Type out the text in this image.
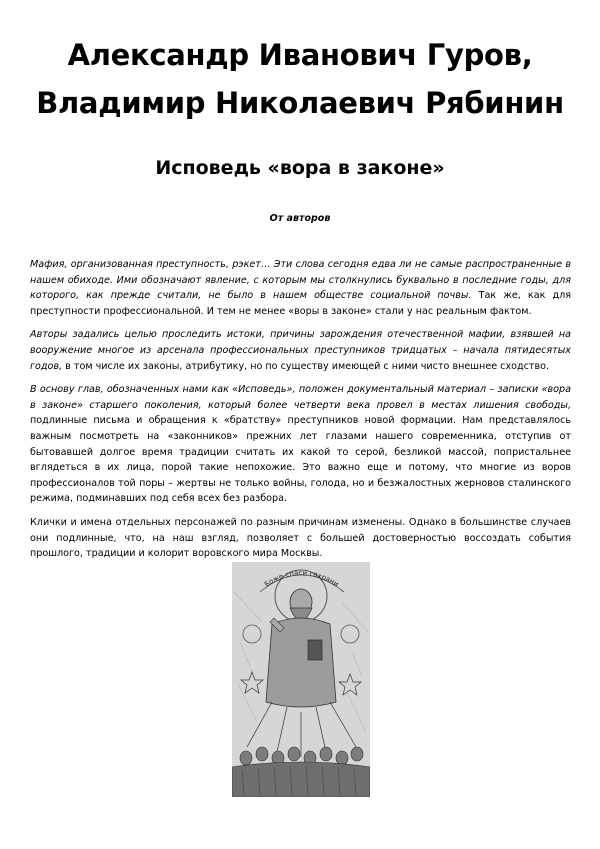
Александр Иванович Гуров,
Владимир Николаевич Рябинин
Исповедь «вора в законе»
От авторов

Мафия, организованная преступность, рэкет… Эти слова сегодня едва ли не самые распространенные в нашем обиходе. Ими обозначают явление, с которым мы столкнулись буквально в последние годы, для которого, как прежде считали, не было в нашем обществе социальной почвы. Так же, как для преступности профессиональной. И тем не менее «воры в законе» стали у нас реальным фактом.

Авторы задались целью проследить истоки, причины зарождения отечественной мафии, взявшей на вооружение многое из арсенала профессиональных преступников тридцатых – начала пятидесятых годов, в том числе их законы, атрибутику, но по существу имеющей с ними чисто внешнее сходство.

В основу глав, обозначенных нами как «Исповедь», положен документальный материал – записки «вора в законе» старшего поколения, который более четверти века провел в местах лишения свободы, подлинные письма и обращения к «братству» преступников новой формации. Нам представлялось важным посмотреть на «законников» прежних лет глазами нашего современника, отступив от бытовавшей долгое время традиции считать их какой то серой, безликой массой, попристальнее вглядеться в их лица, порой такие непохожие. Это важно еще и потому, что многие из воров профессионалов той поры – жертвы не только войны, голода, но и безжалостных жерновов сталинского режима, подминавших под себя всех без разбора.

Клички и имена отдельных персонажей по разным причинам изменены. Однако в большинстве случаев они подлинные, что, на наш взгляд, позволяет с большей достоверностью воссоздать события прошлого, традиции и колорит воровского мира Москвы.

Боже спаси сохрани
